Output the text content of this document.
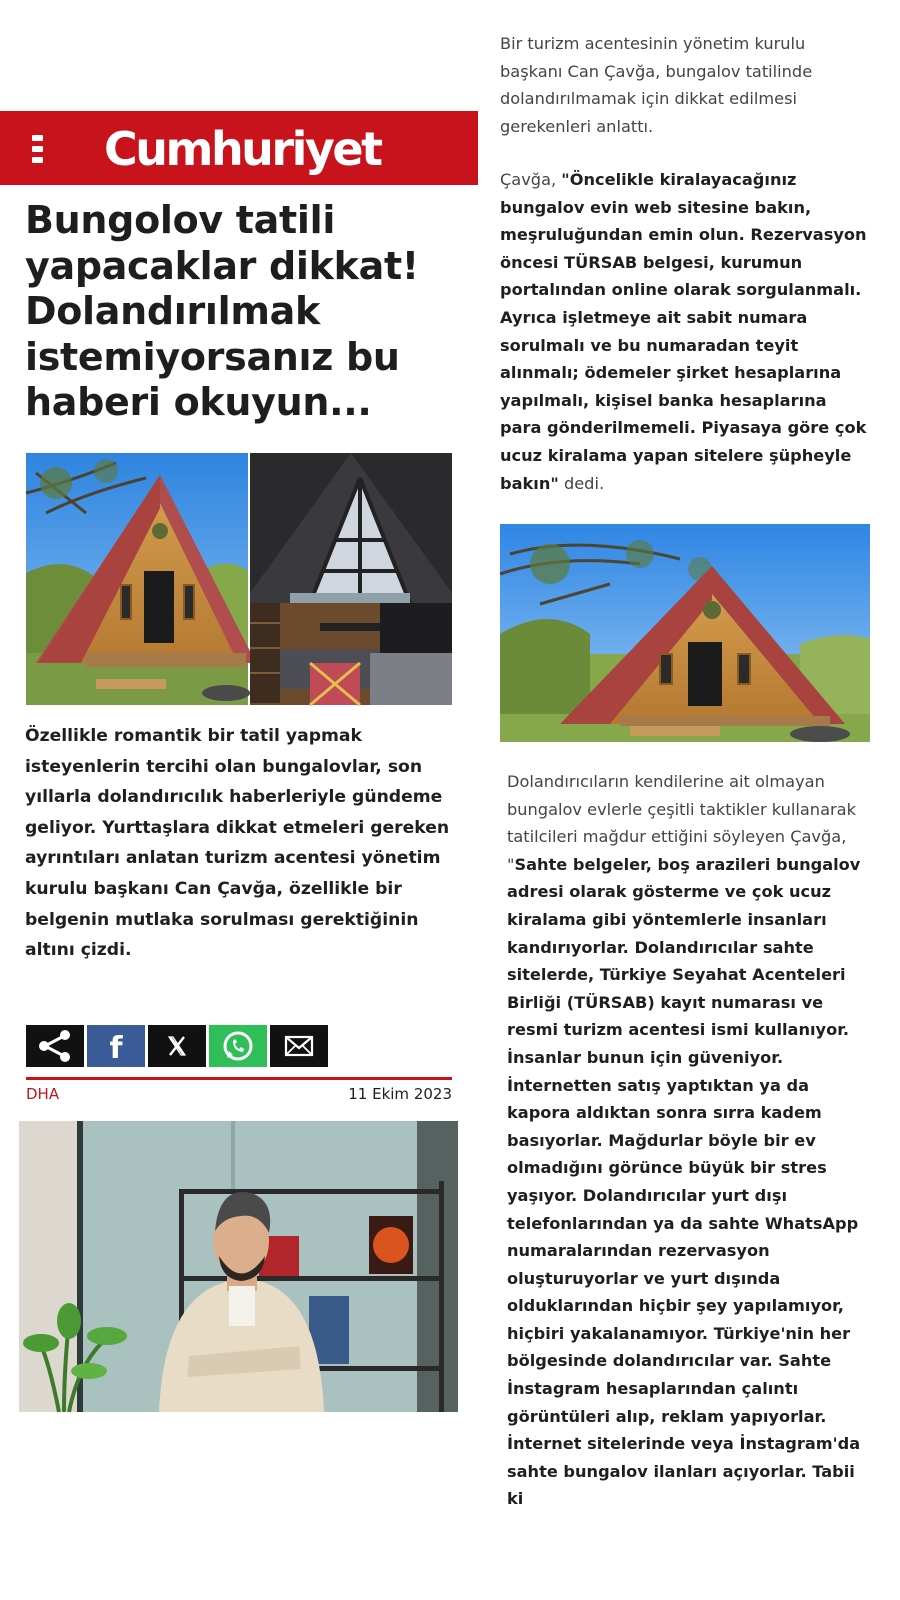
Cumhuriyet
Bungolov tatili yapacaklar dikkat! Dolandırılmak istemiyorsanız bu haberi okuyun...

Özellikle romantik bir tatil yapmak isteyenlerin tercihi olan bungalovlar, son yıllarla dolandırıcılık haberleriyle gündeme geliyor. Yurttaşlara dikkat etmeleri gereken ayrıntıları anlatan turizm acentesi yönetim kurulu başkanı Can Çavğa, özellikle bir belgenin mutlaka sorulması gerektiğinin altını çizdi.

f
DHA	11 Ekim 2023

Bir turizm acentesinin yönetim kurulu başkanı Can Çavğa, bungalov tatilinde dolandırılmamak için dikkat edilmesi gerekenleri anlattı.

Çavğa, "Öncelikle kiralayacağınız bungalov evin web sitesine bakın, meşruluğundan emin olun. Rezervasyon öncesi TÜRSAB belgesi, kurumun portalından online olarak sorgulanmalı. Ayrıca işletmeye ait sabit numara sorulmalı ve bu numaradan teyit alınmalı; ödemeler şirket hesaplarına yapılmalı, kişisel banka hesaplarına para gönderilmemeli. Piyasaya göre çok ucuz kiralama yapan sitelere şüpheyle bakın" dedi.

Dolandırıcıların kendilerine ait olmayan bungalov evlerle çeşitli taktikler kullanarak tatilcileri mağdur ettiğini söyleyen Çavğa, "Sahte belgeler, boş arazileri bungalov adresi olarak gösterme ve çok ucuz kiralama gibi yöntemlerle insanları kandırıyorlar. Dolandırıcılar sahte sitelerde, Türkiye Seyahat Acenteleri Birliği (TÜRSAB) kayıt numarası ve resmi turizm acentesi ismi kullanıyor. İnsanlar bunun için güveniyor. İnternetten satış yaptıktan ya da kapora aldıktan sonra sırra kadem basıyorlar. Mağdurlar böyle bir ev olmadığını görünce büyük bir stres yaşıyor. Dolandırıcılar yurt dışı telefonlarından ya da sahte WhatsApp numaralarından rezervasyon oluşturuyorlar ve yurt dışında olduklarından hiçbir şey yapılamıyor, hiçbiri yakalanamıyor. Türkiye'nin her bölgesinde dolandırıcılar var. Sahte İnstagram hesaplarından çalıntı görüntüleri alıp, reklam yapıyorlar. İnternet sitelerinde veya İnstagram'da sahte bungalov ilanları açıyorlar. Tabii ki
